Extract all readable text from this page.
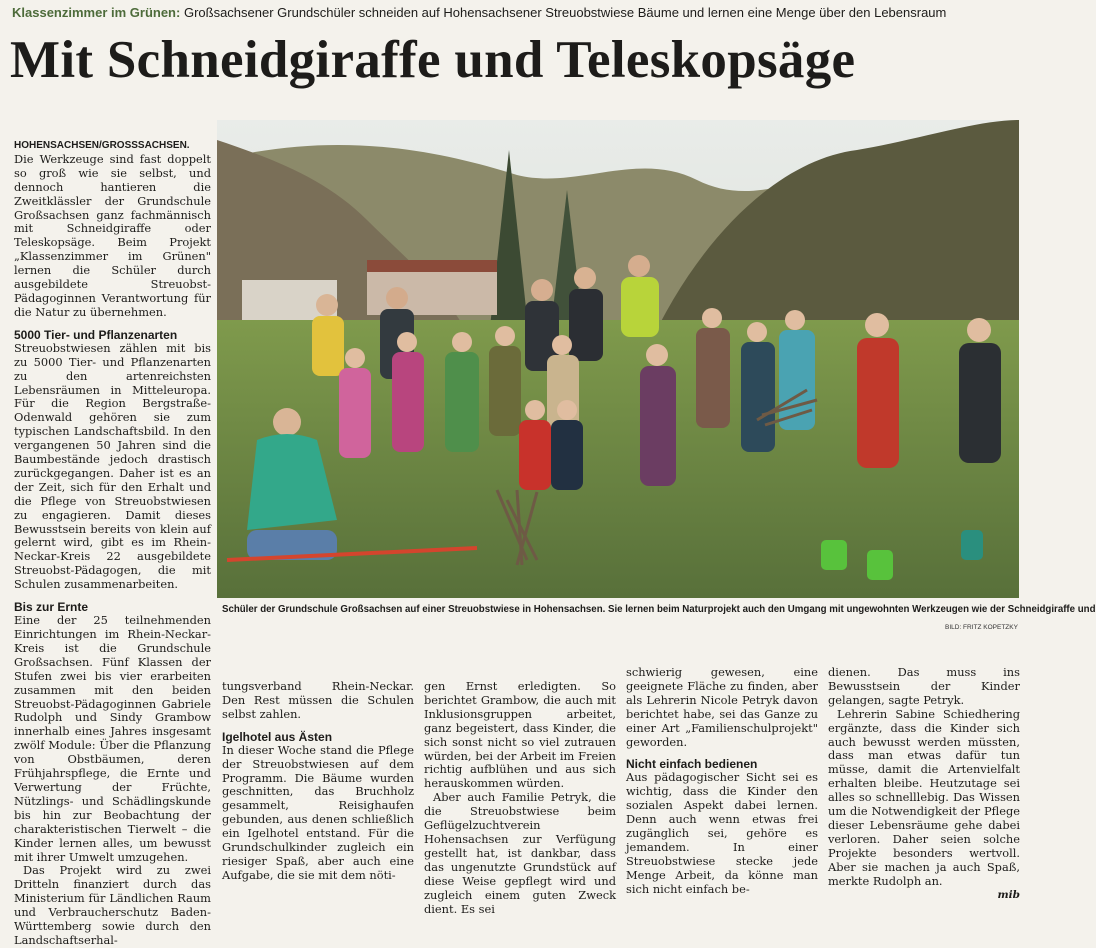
Klassenzimmer im Grünen: Großsachsener Grundschüler schneiden auf Hohensachsener Streuobstwiese Bäume und lernen eine Menge über den Lebensraum
Mit Schneidgiraffe und Teleskopsäge

HOHENSACHSEN/GROSSSACHSEN. Die Werkzeuge sind fast doppelt so groß wie sie selbst, und dennoch hantieren die Zweitklässler der Grundschule Großsachsen ganz fachmännisch mit Schneidgiraffe oder Teleskopsäge. Beim Projekt „Klassenzimmer im Grünen" lernen die Schüler durch ausgebildete Streuobst-Pädagoginnen Verantwortung für die Natur zu übernehmen.

5000 Tier- und Pflanzenarten

Streuobstwiesen zählen mit bis zu 5000 Tier- und Pflanzenarten zu den artenreichsten Lebensräumen in Mitteleuropa. Für die Region Bergstraße-Odenwald gehören sie zum typischen Landschaftsbild. In den vergangenen 50 Jahren sind die Baumbestände jedoch drastisch zurückgegangen. Daher ist es an der Zeit, sich für den Erhalt und die Pflege von Streuobstwiesen zu engagieren. Damit dieses Bewusstsein bereits von klein auf gelernt wird, gibt es im Rhein-Neckar-Kreis 22 ausgebildete Streuobst-Pädagogen, die mit Schulen zusammenarbeiten.

Bis zur Ernte

Eine der 25 teilnehmenden Einrichtungen im Rhein-Neckar-Kreis ist die Grundschule Großsachsen. Fünf Klassen der Stufen zwei bis vier erarbeiten zusammen mit den beiden Streuobst-Pädagoginnen Gabriele Rudolph und Sindy Grambow innerhalb eines Jahres insgesamt zwölf Module: Über die Pflanzung von Obstbäumen, deren Frühjahrspflege, die Ernte und Verwertung der Früchte, Nützlings- und Schädlingskunde bis hin zur Beobachtung der charakteristischen Tierwelt – die Kinder lernen alles, um bewusst mit ihrer Umwelt umzugehen.

Das Projekt wird zu zwei Dritteln finanziert durch das Ministerium für Ländlichen Raum und Verbraucherschutz Baden-Württemberg sowie durch den Landschaftserhal-

Schüler der Grundschule Großsachsen auf einer Streuobstwiese in Hohensachsen. Sie lernen beim Naturprojekt auch den Umgang mit ungewohnten Werkzeugen wie der Schneidgiraffe und
BILD: FRITZ KOPETZKY

tungsverband Rhein-Neckar. Den Rest müssen die Schulen selbst zahlen.

Igelhotel aus Ästen

In dieser Woche stand die Pflege der Streuobstwiesen auf dem Programm. Die Bäume wurden geschnitten, das Bruchholz gesammelt, Reisighaufen gebunden, aus denen schließlich ein Igelhotel entstand. Für die Grundschulkinder zugleich ein riesiger Spaß, aber auch eine Aufgabe, die sie mit dem nöti-

gen Ernst erledigten. So berichtet Grambow, die auch mit Inklusionsgruppen arbeitet, ganz begeistert, dass Kinder, die sich sonst nicht so viel zutrauen würden, bei der Arbeit im Freien richtig aufblühen und aus sich herauskommen würden.

Aber auch Familie Petryk, die die Streuobstwiese beim Geflügelzuchtverein Hohensachsen zur Verfügung gestellt hat, ist dankbar, dass das ungenutzte Grundstück auf diese Weise gepflegt wird und zugleich einem guten Zweck dient. Es sei

schwierig gewesen, eine geeignete Fläche zu finden, aber als Lehrerin Nicole Petryk davon berichtet habe, sei das Ganze zu einer Art „Familienschulprojekt" geworden.

Nicht einfach bedienen

Aus pädagogischer Sicht sei es wichtig, dass die Kinder den sozialen Aspekt dabei lernen. Denn auch wenn etwas frei zugänglich sei, gehöre es jemandem. In einer Streuobstwiese stecke jede Menge Arbeit, da könne man sich nicht einfach be-

dienen. Das muss ins Bewusstsein der Kinder gelangen, sagte Petryk.

Lehrerin Sabine Schiedhering ergänzte, dass die Kinder sich auch bewusst werden müssten, dass man etwas dafür tun müsse, damit die Artenvielfalt erhalten bleibe. Heutzutage sei alles so schnelllebig. Das Wissen um die Notwendigkeit der Pflege dieser Lebensräume gehe dabei verloren. Daher seien solche Projekte besonders wertvoll. Aber sie machen ja auch Spaß, merkte Rudolph an.

mib
